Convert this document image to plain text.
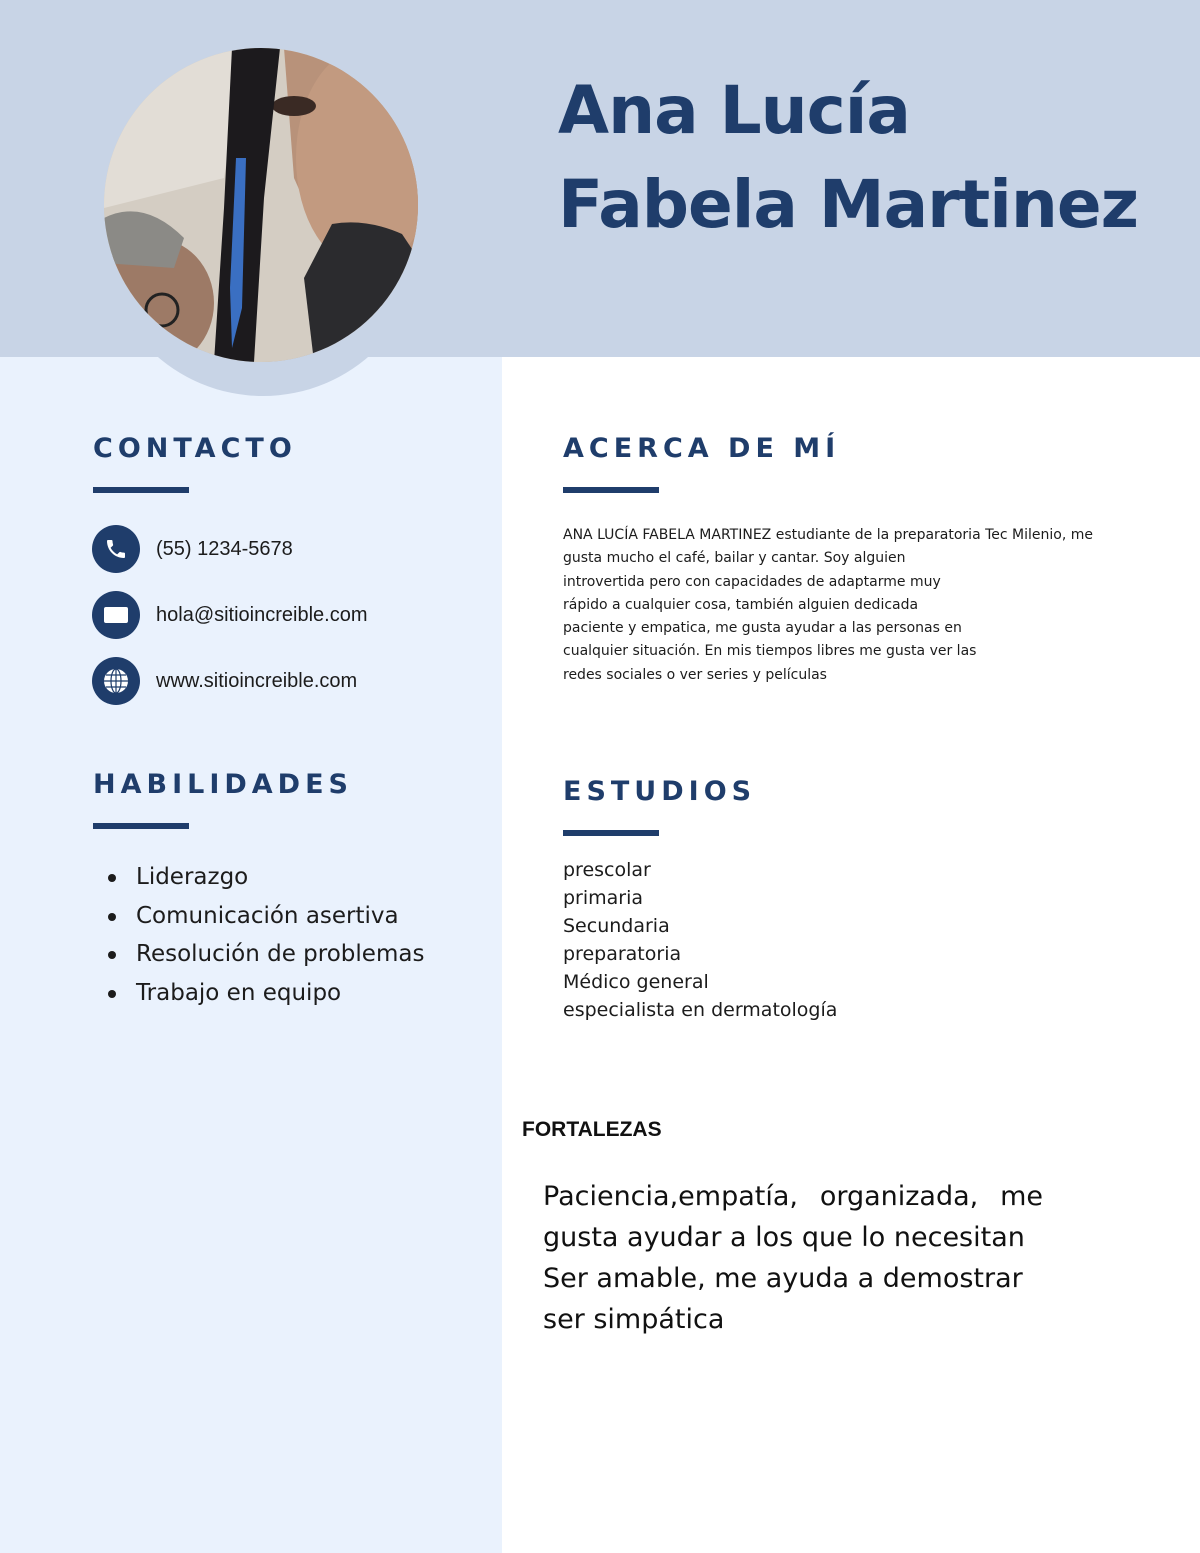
Ana Lucía
Fabela Martinez
CONTACTO
(55) 1234-5678
hola@sitioincreible.com
www.sitioincreible.com
HABILIDADES
Liderazgo
Comunicación asertiva
Resolución de problemas
Trabajo en equipo
ACERCA DE MÍ

ANA LUCÍA FABELA MARTINEZ estudiante de la preparatoria Tec Milenio, me
gusta mucho el café, bailar y cantar. Soy alguien
introvertida pero con capacidades de adaptarme muy
rápido a cualquier cosa, también alguien dedicada
paciente y empatica, me gusta ayudar a las personas en
cualquier situación. En mis tiempos libres me gusta ver las
redes sociales o ver series y películas

ESTUDIOS
prescolar
primaria
Secundaria
preparatoria
Médico general
especialista en dermatología
FORTALEZAS

Paciencia,empatía, organizada, me
gusta ayudar a los que lo necesitan
Ser amable, me ayuda a demostrar
ser simpática
